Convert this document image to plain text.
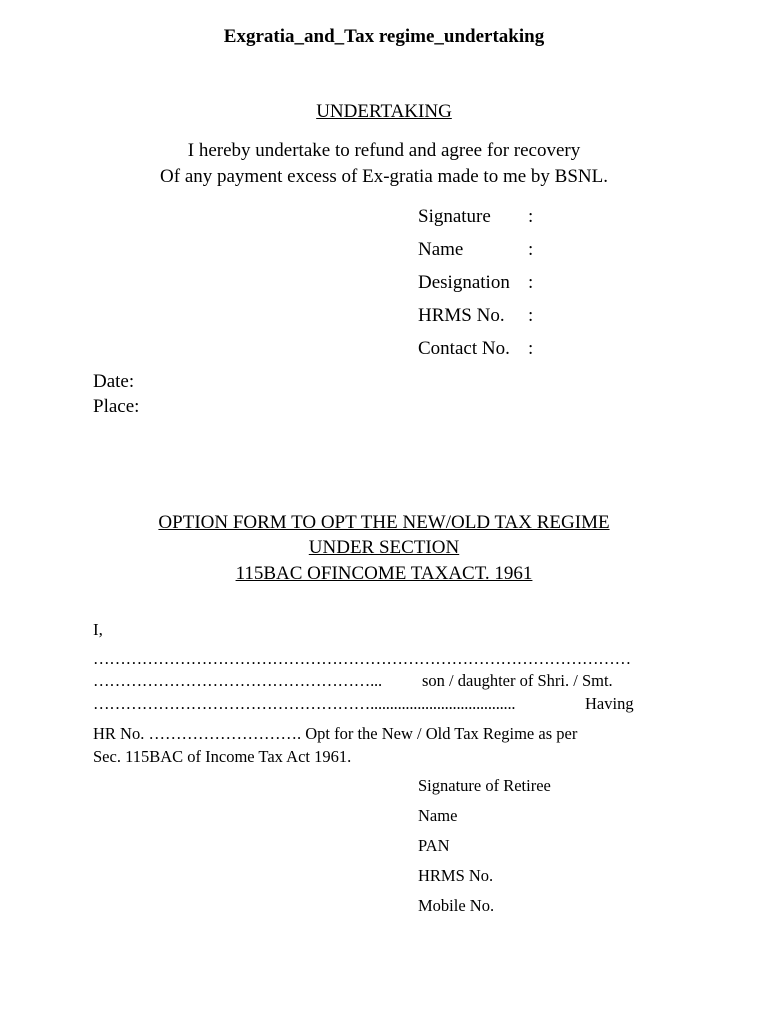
Exgratia_and_Tax regime_undertaking
UNDERTAKING
I hereby undertake to refund and agree for recovery
Of any payment excess of Ex-gratia made to me by BSNL.
Signature :
Name	:
Designation :
HRMS No. :
Contact No. :
Date:
Place:
OPTION FORM TO OPT THE NEW/OLD TAX REGIME
UNDER SECTION
115BAC OFINCOME TAXACT. 1961
I,
………………………………………………………………………………………
……………………………………………... son / daughter of Shri. / Smt.
…………………………………………….....................................	Having
HR No. ………………………. Opt for the New / Old Tax Regime as per
Sec. 115BAC of Income Tax Act 1961.
Signature of Retiree
Name
PAN
HRMS No.
Mobile No.
